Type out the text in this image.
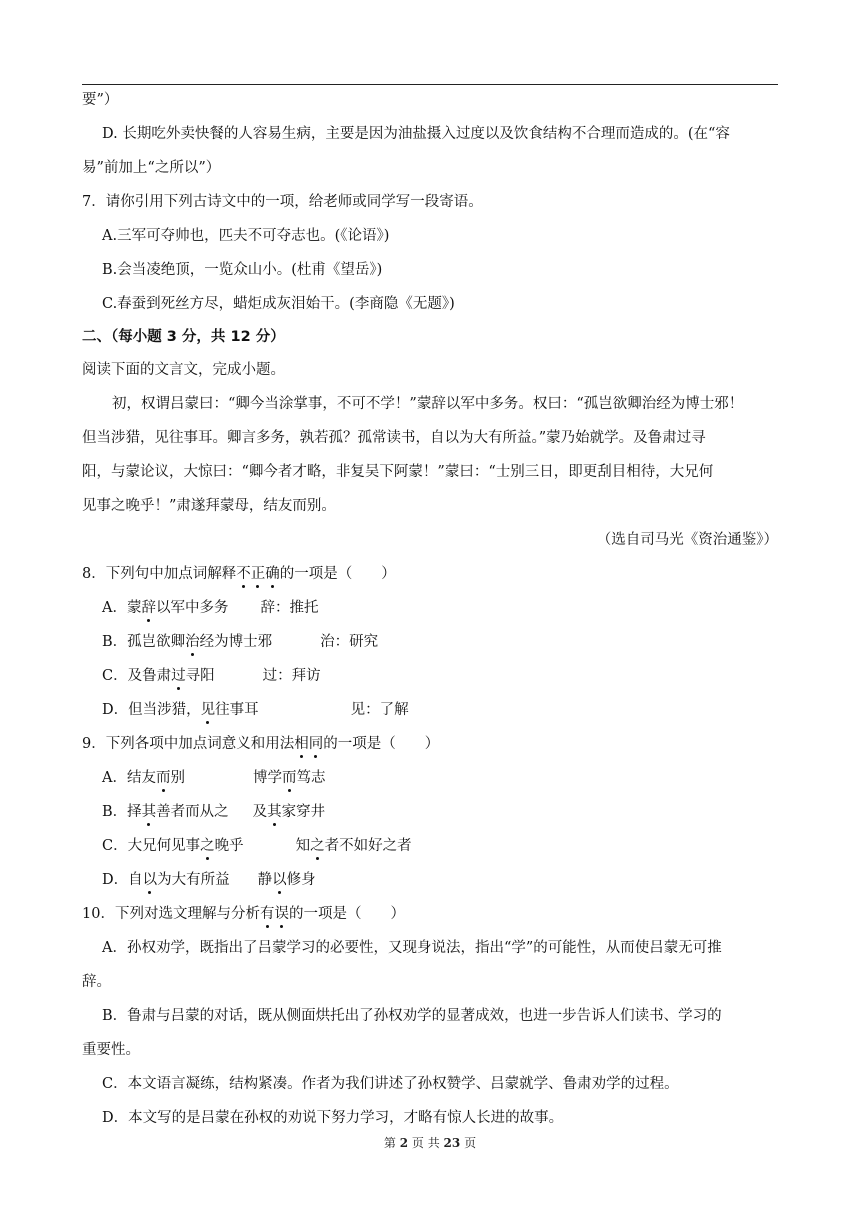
要”）
D. 长期吃外卖快餐的人容易生病，主要是因为油盐摄入过度以及饮食结构不合理而造成的。(在“容
易”前加上“之所以”）
7．请你引用下列古诗文中的一项，给老师或同学写一段寄语。
A.三军可夺帅也，匹夫不可夺志也。(《论语》)
B.会当凌绝顶，一览众山小。(杜甫《望岳》)
C.春蚕到死丝方尽，蜡炬成灰泪始干。(李商隐《无题》)
二、（每小题 3 分，共 12 分）
阅读下面的文言文，完成小题。
初，权谓吕蒙曰：“卿今当涂掌事，不可不学！”蒙辞以军中多务。权曰：“孤岂欲卿治经为博士邪！
但当涉猎，见往事耳。卿言多务，孰若孤？孤常读书，自以为大有所益。”蒙乃始就学。及鲁肃过寻
阳，与蒙论议，大惊曰：“卿今者才略，非复吴下阿蒙！”蒙曰：“士别三日，即更刮目相待，大兄何
见事之晚乎！”肃遂拜蒙母，结友而别。
（选自司马光《资治通鉴》）
8．下列句中加点词解释不正确的一项是（　　）
A．蒙辞以军中多务 辞：推托
B．孤岂欲卿治经为博士邪	治：研究
C．及鲁肃过寻阳	过：拜访
D．但当涉猎，见往事耳	见：了解
9．下列各项中加点词意义和用法相同的一项是（　　）
A．结友而别	博学而笃志
B．择其善者而从之 及其家穿井
C．大兄何见事之晚乎	知之者不如好之者
D．自以为大有所益 静以修身
10．下列对选文理解与分析有误的一项是（　　）
A．孙权劝学，既指出了吕蒙学习的必要性，又现身说法，指出“学”的可能性，从而使吕蒙无可推
辞。
B．鲁肃与吕蒙的对话，既从侧面烘托出了孙权劝学的显著成效，也进一步告诉人们读书、学习的
重要性。
C．本文语言凝练，结构紧凑。作者为我们讲述了孙权赞学、吕蒙就学、鲁肃劝学的过程。
D．本文写的是吕蒙在孙权的劝说下努力学习，才略有惊人长进的故事。
第 2 页 共 23 页
